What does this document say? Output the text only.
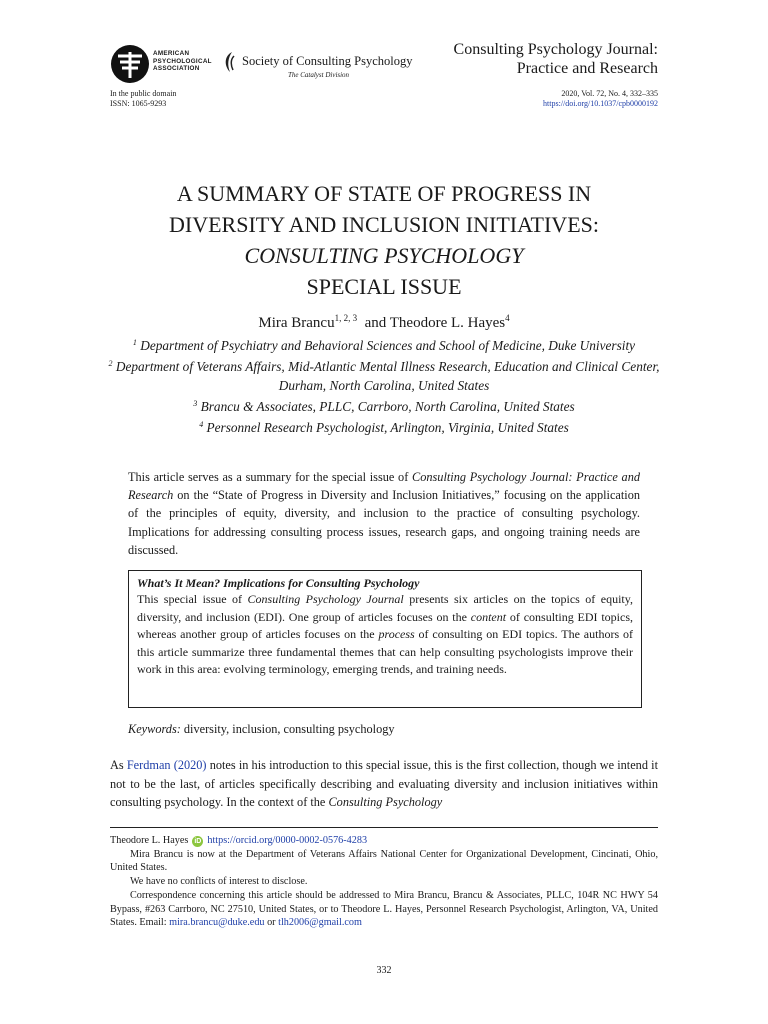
AMERICAN
PSYCHOLOGICAL
ASSOCIATION
Society of Consulting Psychology
The Catalyst Division
Consulting Psychology Journal:
Practice and Research
In the public domain
ISSN: 1065-9293
2020, Vol. 72, No. 4, 332–335
https://doi.org/10.1037/cpb0000192
A SUMMARY OF STATE OF PROGRESS IN
DIVERSITY AND INCLUSION INITIATIVES:
CONSULTING PSYCHOLOGY
SPECIAL ISSUE
Mira Brancu$^{1, 2, 3}$ and Theodore L. Hayes$^4$

$^1$ Department of Psychiatry and Behavioral Sciences and School of Medicine, Duke University

$^2$ Department of Veterans Affairs, Mid-Atlantic Mental Illness Research, Education and Clinical Center, Durham, North Carolina, United States

$^3$ Brancu & Associates, PLLC, Carrboro, North Carolina, United States

$^4$ Personnel Research Psychologist, Arlington, Virginia, United States

This article serves as a summary for the special issue of Consulting Psychology Journal: Practice and Research on the “State of Progress in Diversity and Inclusion Initiatives,” focusing on the application of the principles of equity, diversity, and inclusion to the practice of consulting psychology. Implications for addressing consulting process issues, research gaps, and ongoing training needs are discussed.

What’s It Mean? Implications for Consulting Psychology

This special issue of Consulting Psychology Journal presents six articles on the topics of equity, diversity, and inclusion (EDI). One group of articles focuses on the content of consulting EDI topics, whereas another group of articles focuses on the process of consulting on EDI topics. The authors of this article summarize three fundamental themes that can help consulting psychologists improve their work in this area: evolving terminology, emerging trends, and training needs.

Keywords: diversity, inclusion, consulting psychology

As Ferdman (2020) notes in his introduction to this special issue, this is the first collection, though we intend it not to be the last, of articles specifically describing and evaluating diversity and inclusion initiatives within consulting psychology. In the context of the Consulting Psychology

Theodore L. Hayes iD https://orcid.org/0000-0002-0576-4283

Mira Brancu is now at the Department of Veterans Affairs National Center for Organizational Development, Cincinati, Ohio, United States.

We have no conflicts of interest to disclose.

Correspondence concerning this article should be addressed to Mira Brancu, Brancu & Associates, PLLC, 104R NC HWY 54 Bypass, #263 Carrboro, NC 27510, United States, or to Theodore L. Hayes, Personnel Research Psychologist, Arlington, VA, United States. Email: mira.brancu@duke.edu or tlh2006@gmail.com

332
